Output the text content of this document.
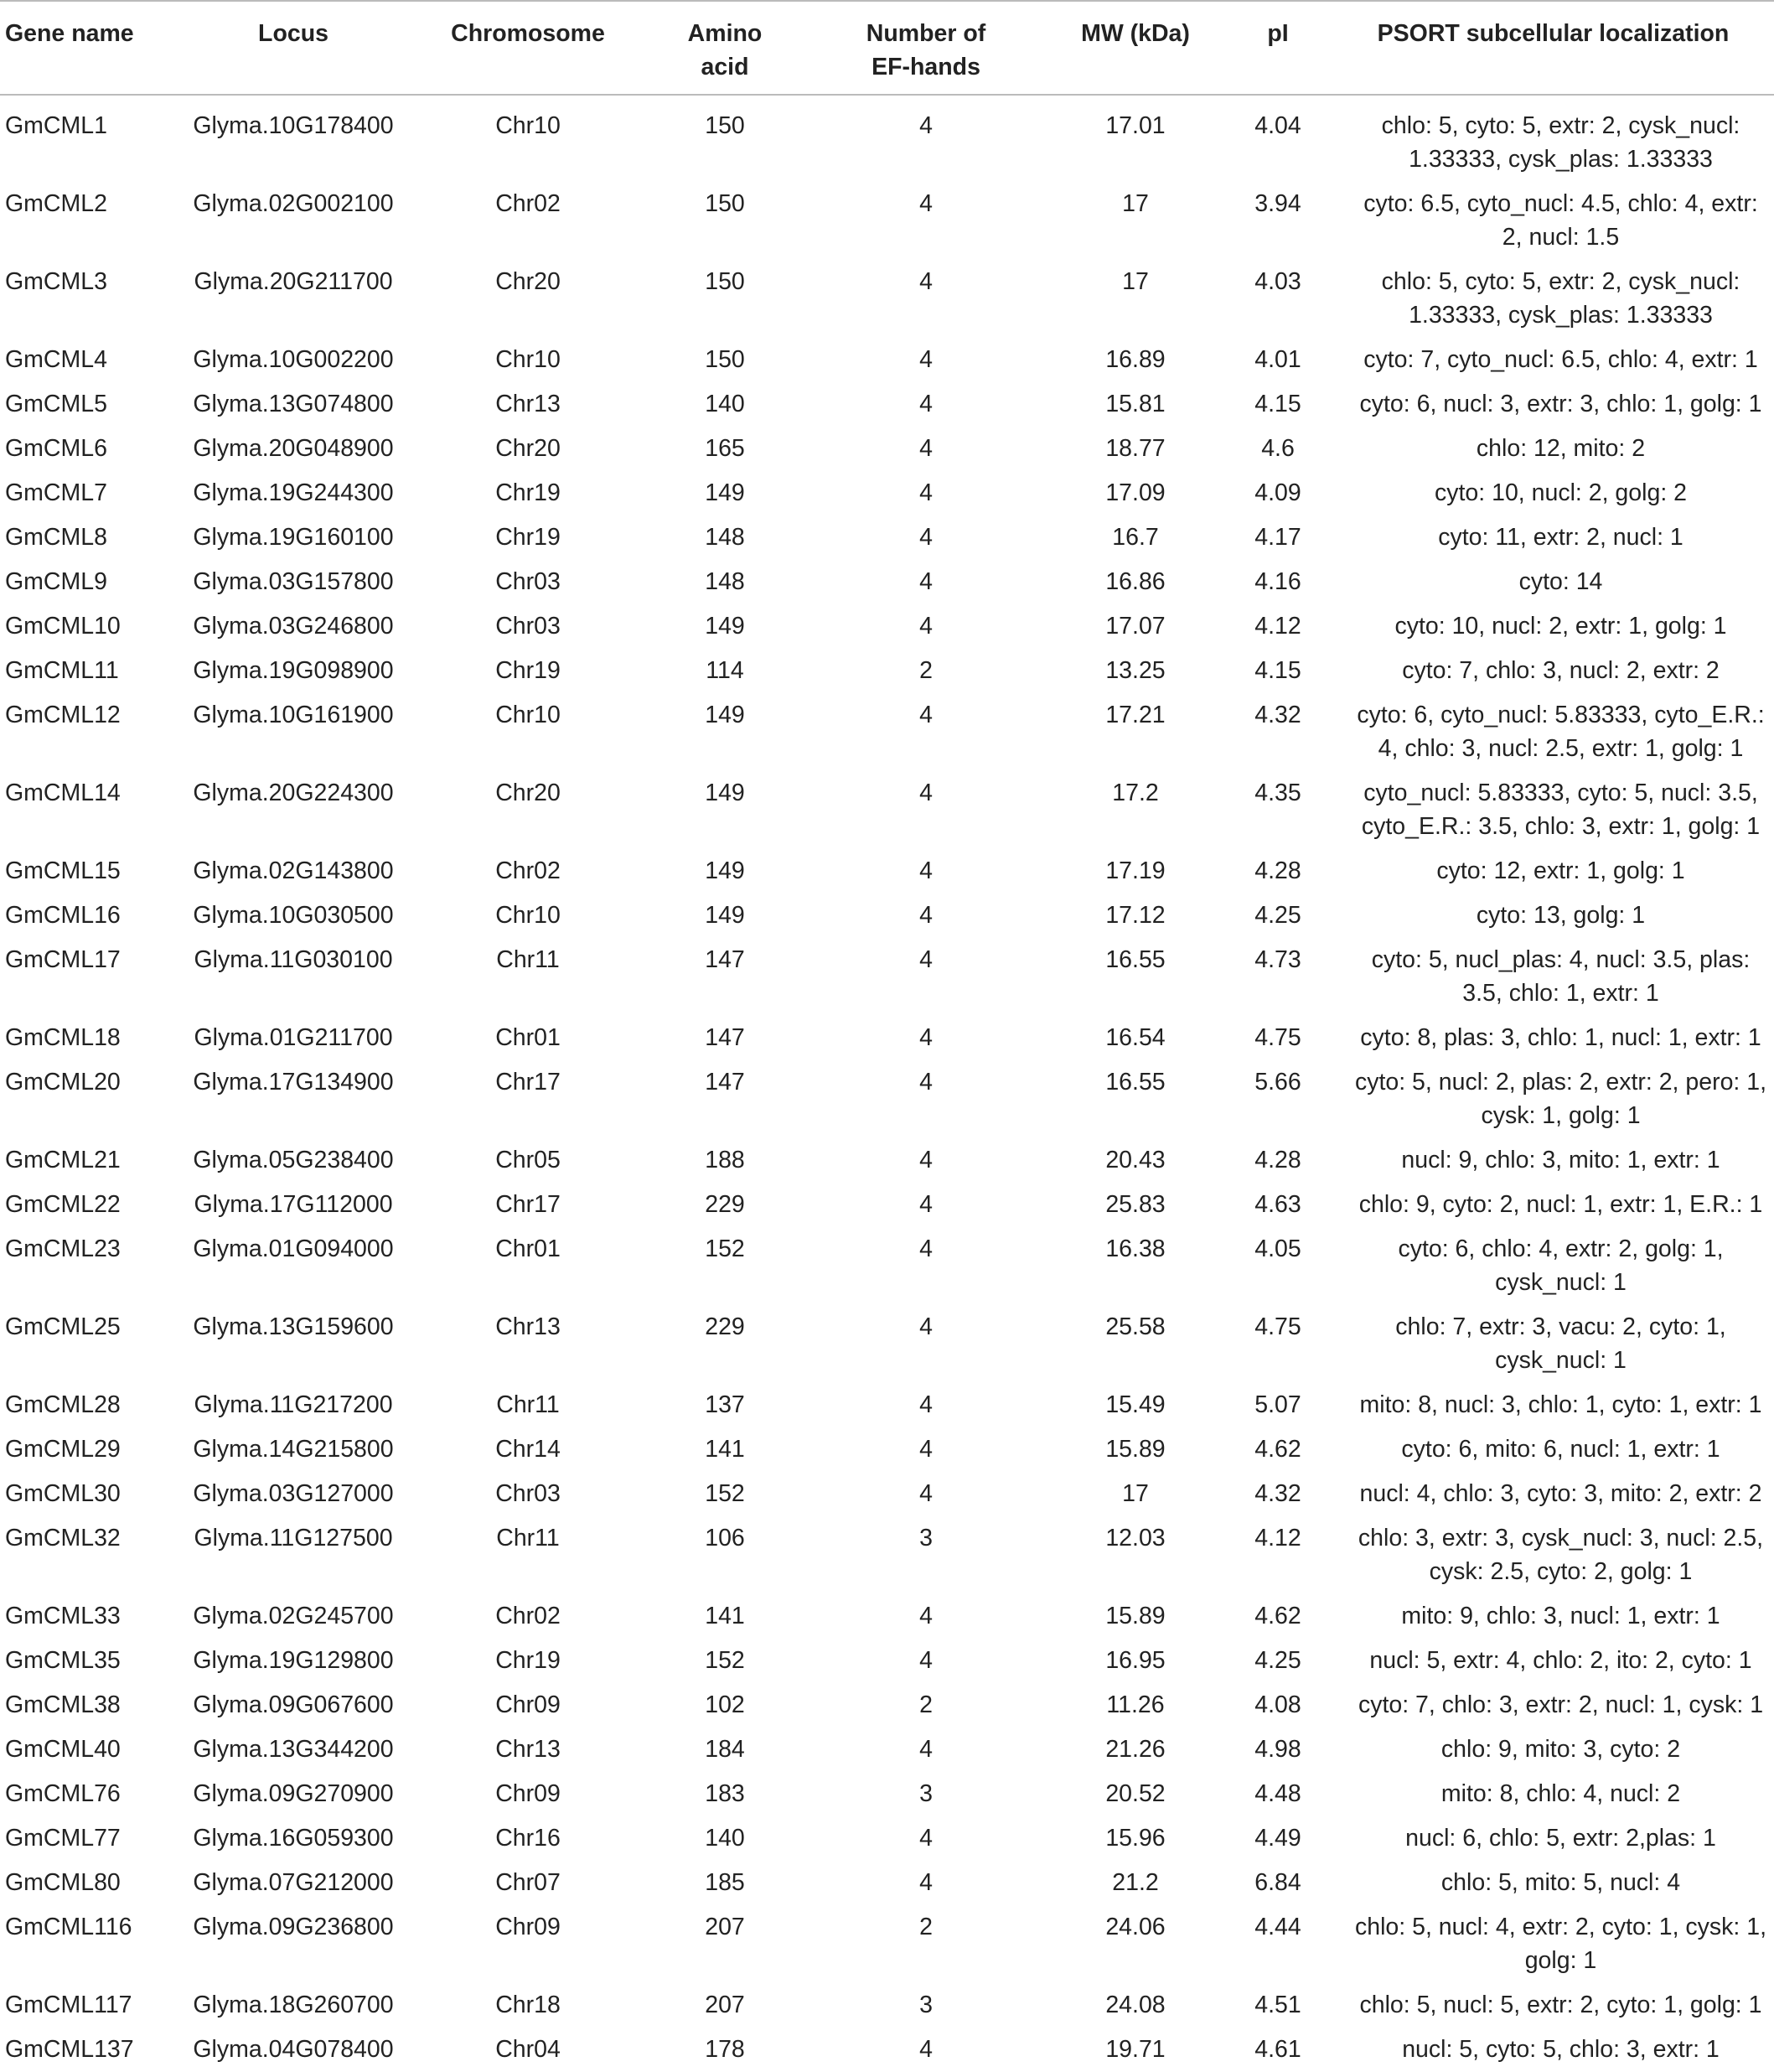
Gene name	Locus	Chromosome	Amino acid	Number of EF-hands	MW (kDa)	pI	PSORT subcellular localization
GmCML1	Glyma.10G178400	Chr10	150	4	17.01	4.04	chlo: 5, cyto: 5, extr: 2, cysk_nucl:
1.33333, cysk_plas: 1.33333

GmCML2	Glyma.02G002100	Chr02	150	4	17	3.94	cyto: 6.5, cyto_nucl: 4.5, chlo: 4, extr:
2, nucl: 1.5

GmCML3	Glyma.20G211700	Chr20	150	4	17	4.03	chlo: 5, cyto: 5, extr: 2, cysk_nucl:
1.33333, cysk_plas: 1.33333

GmCML4	Glyma.10G002200	Chr10	150	4	16.89	4.01	cyto: 7, cyto_nucl: 6.5, chlo: 4, extr: 1

GmCML5	Glyma.13G074800	Chr13	140	4	15.81	4.15	cyto: 6, nucl: 3, extr: 3, chlo: 1, golg: 1

GmCML6	Glyma.20G048900	Chr20	165	4	18.77	4.6	chlo: 12, mito: 2

GmCML7	Glyma.19G244300	Chr19	149	4	17.09	4.09	cyto: 10, nucl: 2, golg: 2

GmCML8	Glyma.19G160100	Chr19	148	4	16.7	4.17	cyto: 11, extr: 2, nucl: 1

GmCML9	Glyma.03G157800	Chr03	148	4	16.86	4.16	cyto: 14

GmCML10	Glyma.03G246800	Chr03	149	4	17.07	4.12	cyto: 10, nucl: 2, extr: 1, golg: 1

GmCML11	Glyma.19G098900	Chr19	114	2	13.25	4.15	cyto: 7, chlo: 3, nucl: 2, extr: 2

GmCML12	Glyma.10G161900	Chr10	149	4	17.21	4.32	cyto: 6, cyto_nucl: 5.83333, cyto_E.R.:
4, chlo: 3, nucl: 2.5, extr: 1, golg: 1

GmCML14	Glyma.20G224300	Chr20	149	4	17.2	4.35	cyto_nucl: 5.83333, cyto: 5, nucl: 3.5,
cyto_E.R.: 3.5, chlo: 3, extr: 1, golg: 1

GmCML15	Glyma.02G143800	Chr02	149	4	17.19	4.28	cyto: 12, extr: 1, golg: 1

GmCML16	Glyma.10G030500	Chr10	149	4	17.12	4.25	cyto: 13, golg: 1

GmCML17	Glyma.11G030100	Chr11	147	4	16.55	4.73	cyto: 5, nucl_plas: 4, nucl: 3.5, plas:
3.5, chlo: 1, extr: 1

GmCML18	Glyma.01G211700	Chr01	147	4	16.54	4.75	cyto: 8, plas: 3, chlo: 1, nucl: 1, extr: 1

GmCML20	Glyma.17G134900	Chr17	147	4	16.55	5.66	cyto: 5, nucl: 2, plas: 2, extr: 2, pero: 1,
cysk: 1, golg: 1

GmCML21	Glyma.05G238400	Chr05	188	4	20.43	4.28	nucl: 9, chlo: 3, mito: 1, extr: 1

GmCML22	Glyma.17G112000	Chr17	229	4	25.83	4.63	chlo: 9, cyto: 2, nucl: 1, extr: 1, E.R.: 1

GmCML23	Glyma.01G094000	Chr01	152	4	16.38	4.05	cyto: 6, chlo: 4, extr: 2, golg: 1,
cysk_nucl: 1

GmCML25	Glyma.13G159600	Chr13	229	4	25.58	4.75	chlo: 7, extr: 3, vacu: 2, cyto: 1,
cysk_nucl: 1

GmCML28	Glyma.11G217200	Chr11	137	4	15.49	5.07	mito: 8, nucl: 3, chlo: 1, cyto: 1, extr: 1

GmCML29	Glyma.14G215800	Chr14	141	4	15.89	4.62	cyto: 6, mito: 6, nucl: 1, extr: 1

GmCML30	Glyma.03G127000	Chr03	152	4	17	4.32	nucl: 4, chlo: 3, cyto: 3, mito: 2, extr: 2

GmCML32	Glyma.11G127500	Chr11	106	3	12.03	4.12	chlo: 3, extr: 3, cysk_nucl: 3, nucl: 2.5,
cysk: 2.5, cyto: 2, golg: 1

GmCML33	Glyma.02G245700	Chr02	141	4	15.89	4.62	mito: 9, chlo: 3, nucl: 1, extr: 1

GmCML35	Glyma.19G129800	Chr19	152	4	16.95	4.25	nucl: 5, extr: 4, chlo: 2, ito: 2, cyto: 1

GmCML38	Glyma.09G067600	Chr09	102	2	11.26	4.08	cyto: 7, chlo: 3, extr: 2, nucl: 1, cysk: 1

GmCML40	Glyma.13G344200	Chr13	184	4	21.26	4.98	chlo: 9, mito: 3, cyto: 2

GmCML76	Glyma.09G270900	Chr09	183	3	20.52	4.48	mito: 8, chlo: 4, nucl: 2

GmCML77	Glyma.16G059300	Chr16	140	4	15.96	4.49	nucl: 6, chlo: 5, extr: 2,plas: 1

GmCML80	Glyma.07G212000	Chr07	185	4	21.2	6.84	chlo: 5, mito: 5, nucl: 4

GmCML116	Glyma.09G236800	Chr09	207	2	24.06	4.44	chlo: 5, nucl: 4, extr: 2, cyto: 1, cysk: 1,
golg: 1

GmCML117	Glyma.18G260700	Chr18	207	3	24.08	4.51	chlo: 5, nucl: 5, extr: 2, cyto: 1, golg: 1

GmCML137	Glyma.04G078400	Chr04	178	4	19.71	4.61	nucl: 5, cyto: 5, chlo: 3, extr: 1
